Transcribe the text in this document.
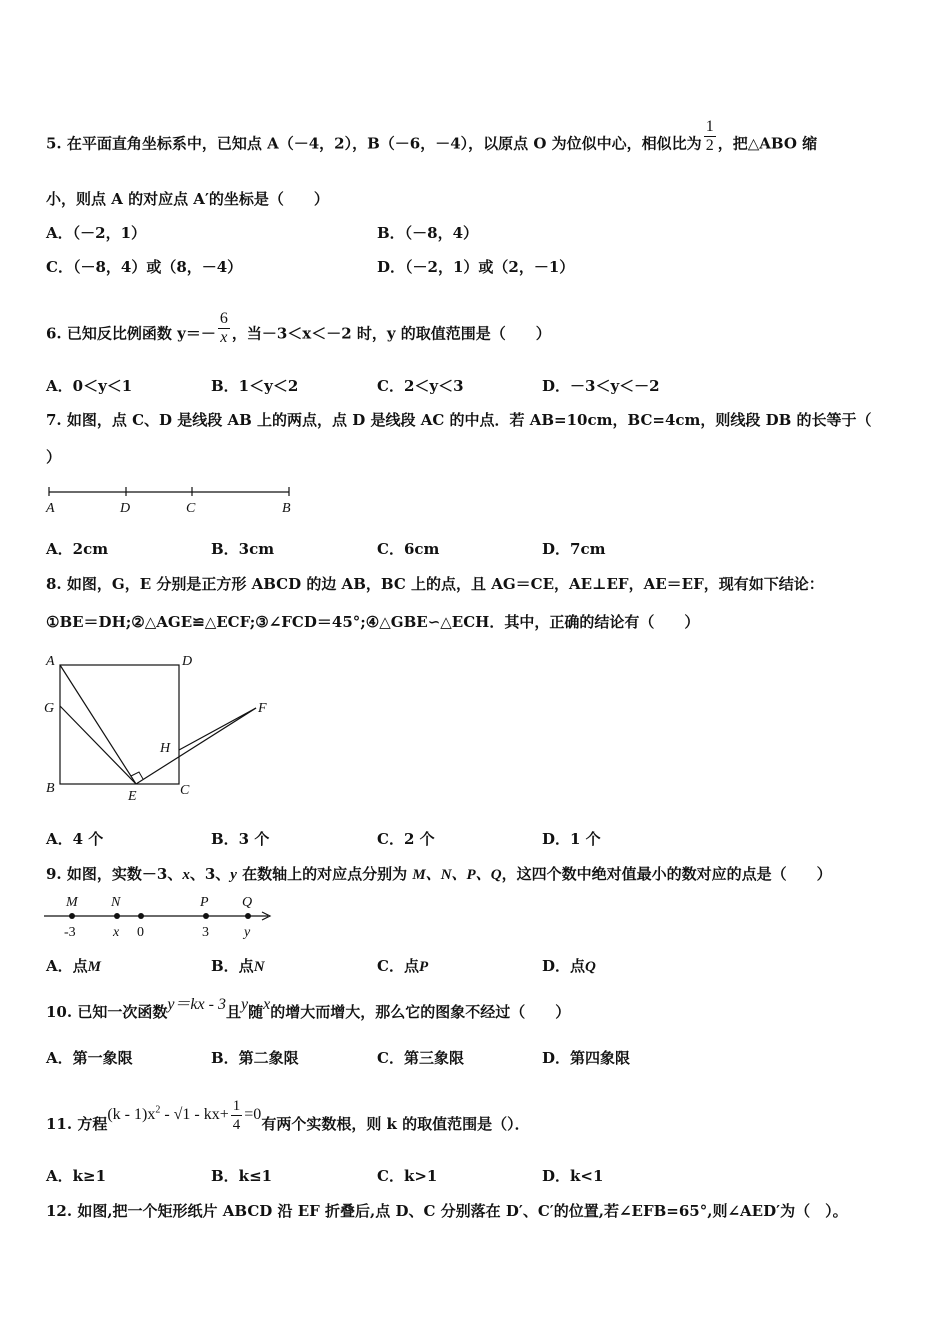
5. 在平面直角坐标系中，已知点 A（－4，2），B（－6，－4），以原点 O 为位似中心，相似比为 $\frac{1}{2}$ ，把△ABO 缩
小，则点 A 的对应点 A′的坐标是（　　）
A．（－2，1）	B．（－8，4）
C．（－8，4）或（8，－4）	D．（－2，1）或（2，－1）
6. 已知反比例函数 $y=- \frac{6}{x}$ ，当－3＜x＜－2 时，y 的取值范围是（　　）
A．0＜y＜1	B．1＜y＜2	C．2＜y＜3	D．－3＜y＜－2
7. 如图，点 C、D 是线段 AB 上的两点，点 D 是线段 AC 的中点．若 AB=10cm，BC=4cm，则线段 DB 的长等于（
）
A	D	C	B
A．2cm	B．3cm	C．6cm	D．7cm
8. 如图，G，E 分别是正方形 ABCD 的边 AB，BC 上的点，且 AG＝CE，AE⊥EF，AE＝EF，现有如下结论：
①BE＝DH;②△AGE≌△ECF;③∠FCD＝45°;④△GBE∽△ECH．其中，正确的结论有（　　）
A	D
G	F
H
B
E	C
A．4 个	B．3 个	C．2 个	D．1 个
9. 如图，实数－3、x、3、y 在数轴上的对应点分别为 M、N、P、Q，这四个数中绝对值最小的数对应的点是（　　）
M N	P Q
-3	x 0	3	y
A．点M	B．点N	C．点P	D．点Q
10. 已知一次函数y＝kx - 3且y随x的增大而增大，那么它的图象不经过（　　）
A．第一象限	B．第二象限	C．第三象限	D．第四象限
11. 方程$(k - 1)x^2 - √1 - kx+ \frac{1}{4} =0$有两个实数根，则 k 的取值范围是（）．
A．k≥1	B．k≤1	C．k>1	D．k<1
12. 如图,把一个矩形纸片 ABCD 沿 EF 折叠后,点 D、C 分别落在 D′、C′的位置,若∠EFB=65°,则∠AED′为（　）。
